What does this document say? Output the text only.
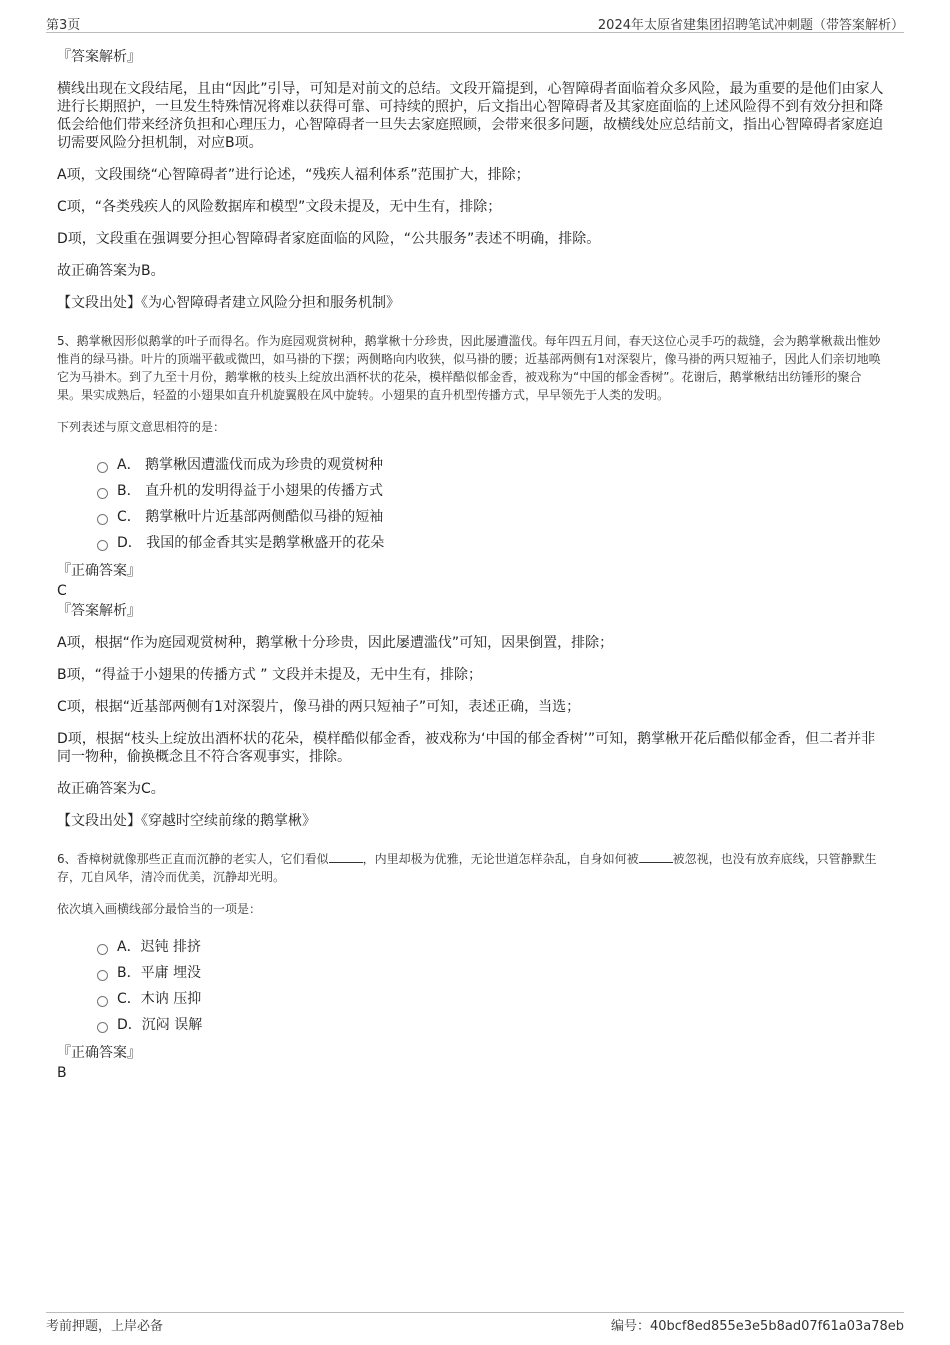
第3页	2024年太原省建集团招聘笔试冲刺题（带答案解析）

『答案解析』

横线出现在文段结尾，且由“因此”引导，可知是对前文的总结。文段开篇提到，心智障碍者面临着众多风险，最为重要的是他们由家人进行长期照护，一旦发生特殊情况将难以获得可靠、可持续的照护，后文指出心智障碍者及其家庭面临的上述风险得不到有效分担和降低会给他们带来经济负担和心理压力，心智障碍者一旦失去家庭照顾，会带来很多问题，故横线处应总结前文，指出心智障碍者家庭迫切需要风险分担机制，对应B项。

A项，文段围绕“心智障碍者”进行论述，“残疾人福利体系”范围扩大，排除；

C项，“各类残疾人的风险数据库和模型”文段未提及，无中生有，排除；

D项，文段重在强调要分担心智障碍者家庭面临的风险，“公共服务”表述不明确，排除。

故正确答案为B。

【文段出处】《为心智障碍者建立风险分担和服务机制》

5、鹅掌楸因形似鹅掌的叶子而得名。作为庭园观赏树种，鹅掌楸十分珍贵，因此屡遭滥伐。每年四五月间，春天这位心灵手巧的裁缝，会为鹅掌楸裁出惟妙惟肖的绿马褂。叶片的顶端平截或微凹，如马褂的下摆；两侧略向内收狭，似马褂的腰；近基部两侧有1对深裂片，像马褂的两只短袖子，因此人们亲切地唤它为马褂木。到了九至十月份，鹅掌楸的枝头上绽放出酒杯状的花朵，模样酷似郁金香，被戏称为“中国的郁金香树”。花谢后，鹅掌楸结出纺锤形的聚合果。果实成熟后，轻盈的小翅果如直升机旋翼般在风中旋转。小翅果的直升机型传播方式，早早领先于人类的发明。

下列表述与原文意思相符的是：

A． 鹅掌楸因遭滥伐而成为珍贵的观赏树种
B． 直升机的发明得益于小翅果的传播方式
C． 鹅掌楸叶片近基部两侧酷似马褂的短袖
D． 我国的郁金香其实是鹅掌楸盛开的花朵

『正确答案』

C

『答案解析』

A项，根据“作为庭园观赏树种，鹅掌楸十分珍贵，因此屡遭滥伐”可知，因果倒置，排除；

B项，“得益于小翅果的传播方式 ” 文段并未提及，无中生有，排除；

C项，根据“近基部两侧有1对深裂片，像马褂的两只短袖子”可知，表述正确，当选；

D项，根据“枝头上绽放出酒杯状的花朵，模样酷似郁金香，被戏称为‘中国的郁金香树’”可知，鹅掌楸开花后酷似郁金香，但二者并非同一物种，偷换概念且不符合客观事实，排除。

故正确答案为C。

【文段出处】《穿越时空续前缘的鹅掌楸》

6、香樟树就像那些正直而沉静的老实人，它们看似	，内里却极为优雅，无论世道怎样杂乱，自身如何被	被忽视，也没有放弃底线，只管静默生存，兀自风华，清冷而优美，沉静却光明。

依次填入画横线部分最恰当的一项是：

A．迟钝 排挤
B．平庸 埋没
C．木讷 压抑
D．沉闷 误解

『正确答案』

B

考前押题，上岸必备	编号：40bcf8ed855e3e5b8ad07f61a03a78eb
